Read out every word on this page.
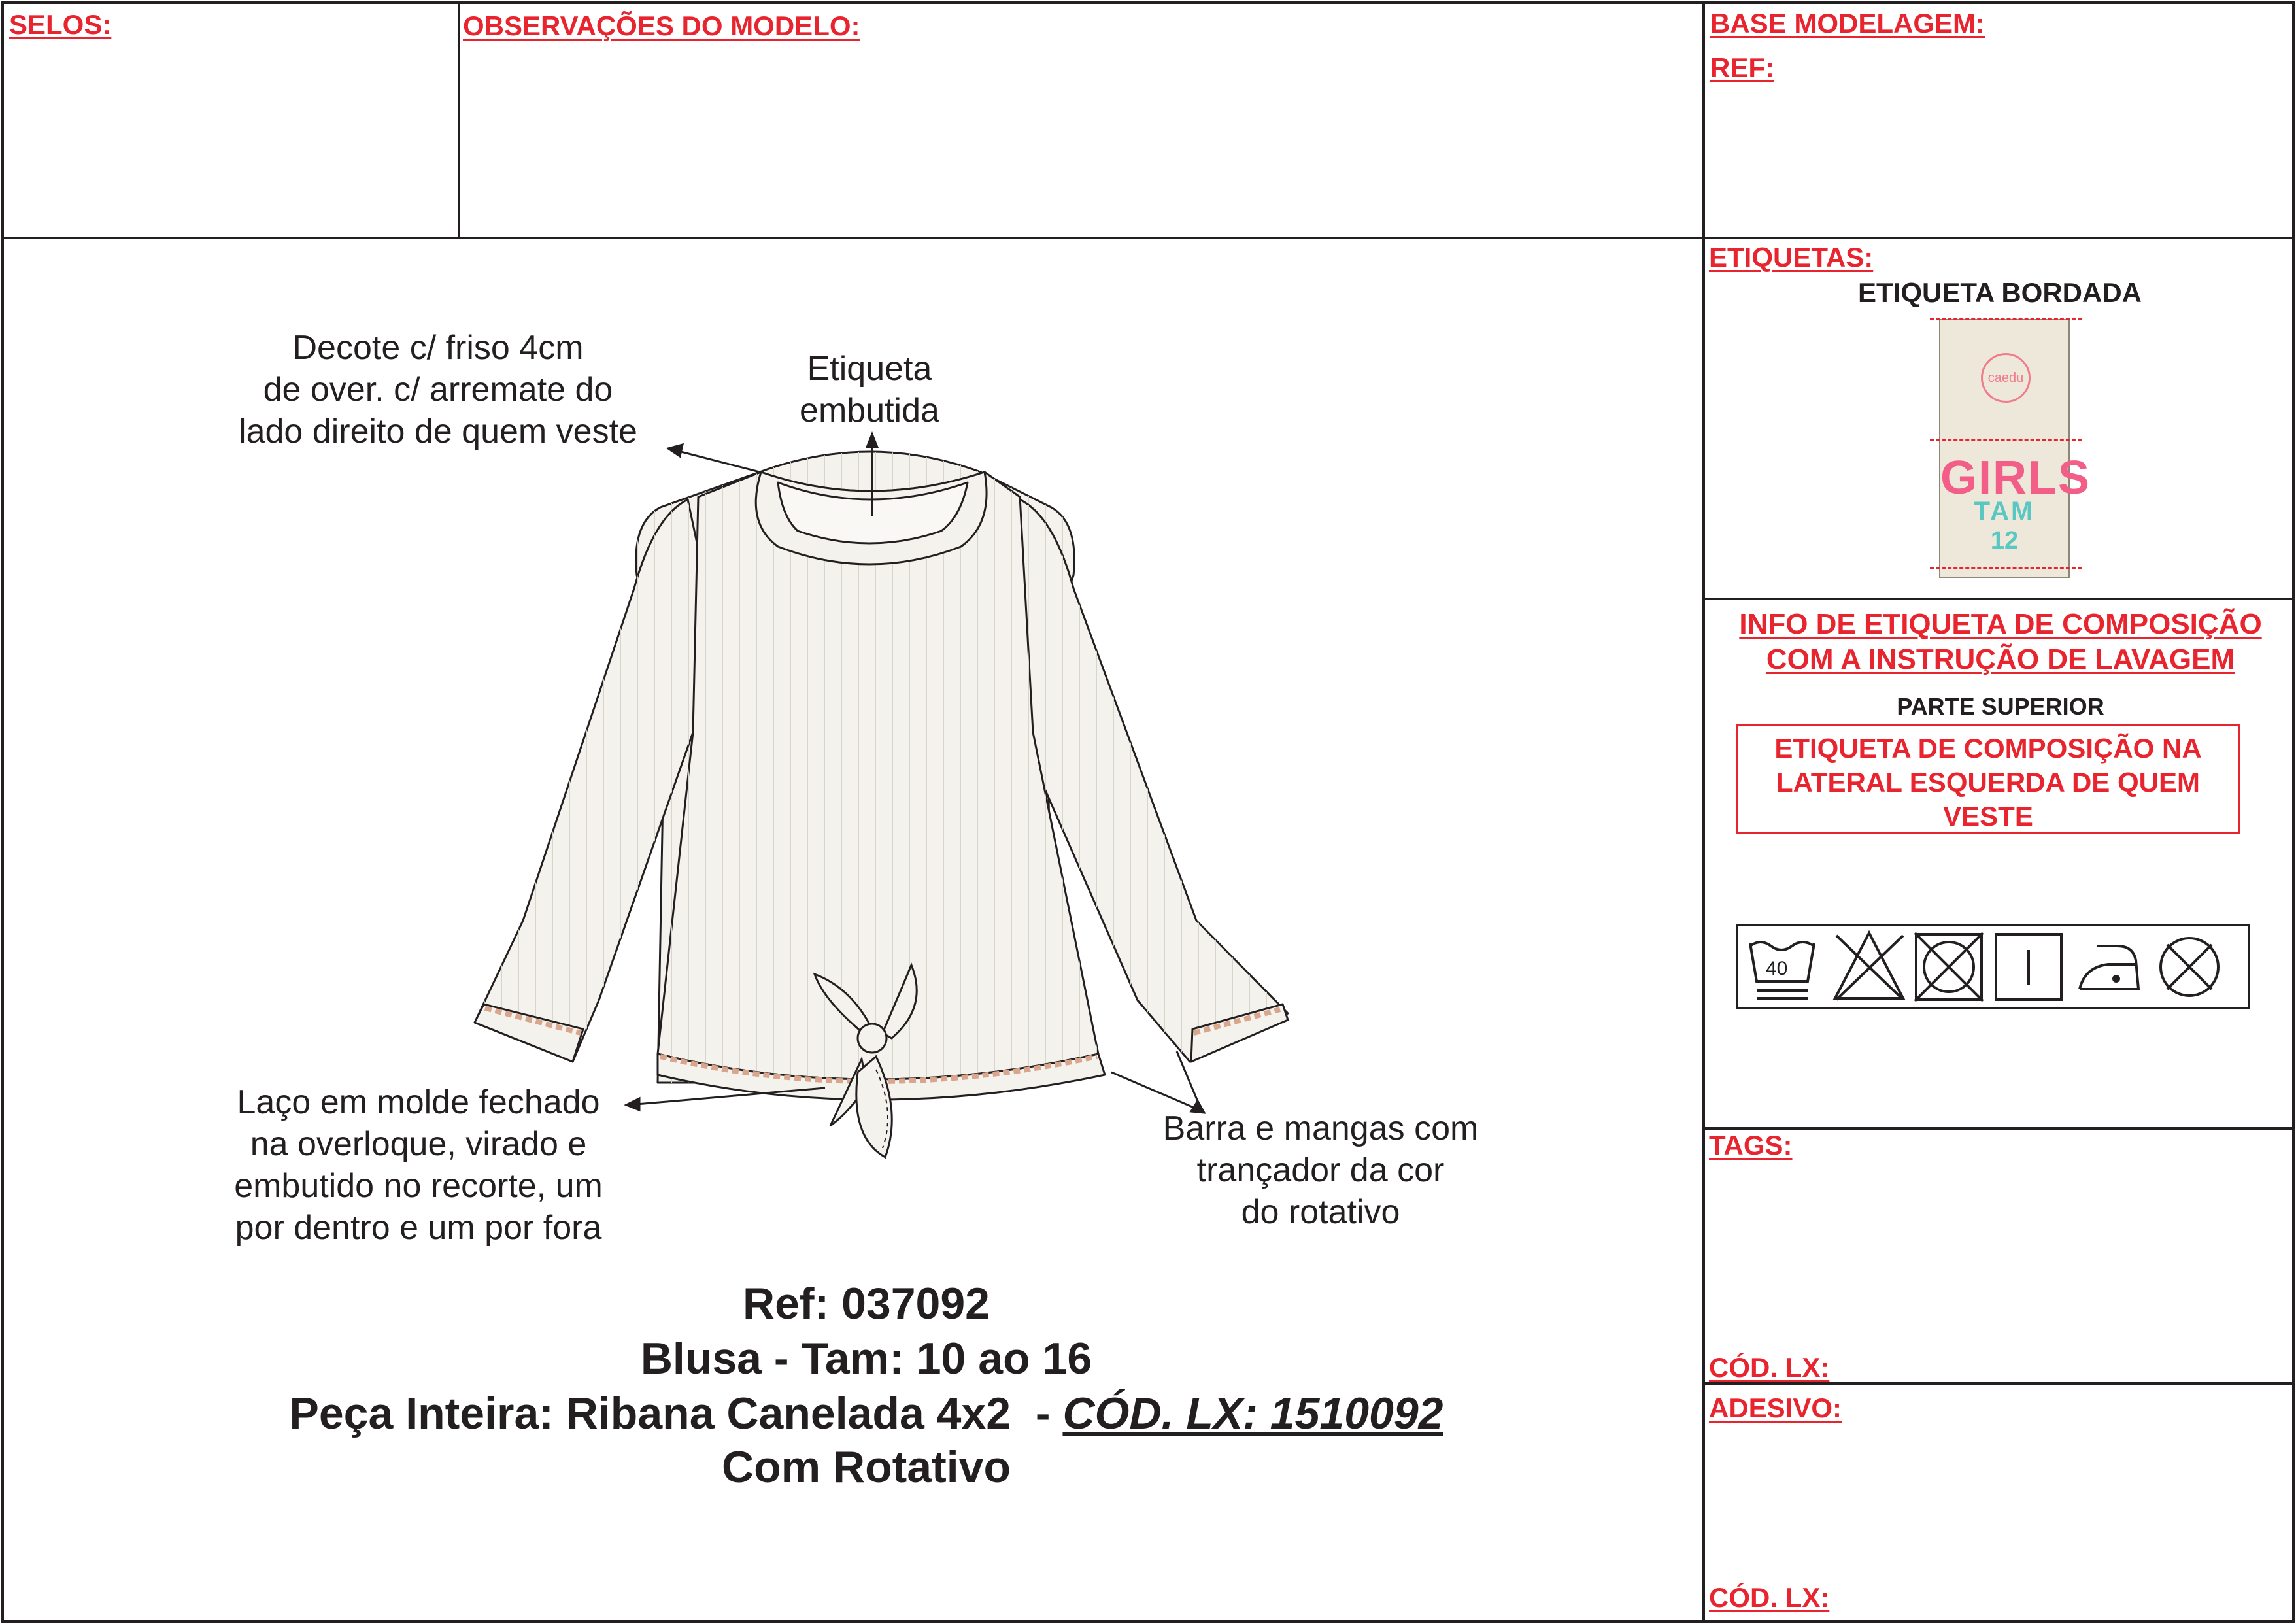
SELOS:	OBSERVAÇÕES DO MODELO:	BASE MODELAGEM:
REF:
ETIQUETAS:
ETIQUETA BORDADA
caedu
GIRLS
TAM
12
INFO DE ETIQUETA DE COMPOSIÇÃO
COM A INSTRUÇÃO DE LAVAGEM
PARTE SUPERIOR
ETIQUETA DE COMPOSIÇÃO NA
LATERAL ESQUERDA DE QUEM
VESTE
40
TAGS:
CÓD. LX:
ADESIVO:
CÓD. LX:
Decote c/ friso 4cm
de over. c/ arremate do
lado direito de quem veste
Etiqueta
embutida
Laço em molde fechado
na overloque, virado e
embutido no recorte, um
por dentro e um por fora
Barra e mangas com
trançador da cor
do rotativo
Ref: 037092
Blusa - Tam: 10 ao 16
Peça Inteira: Ribana Canelada 4x2  - CÓD. LX: 1510092
Com Rotativo
